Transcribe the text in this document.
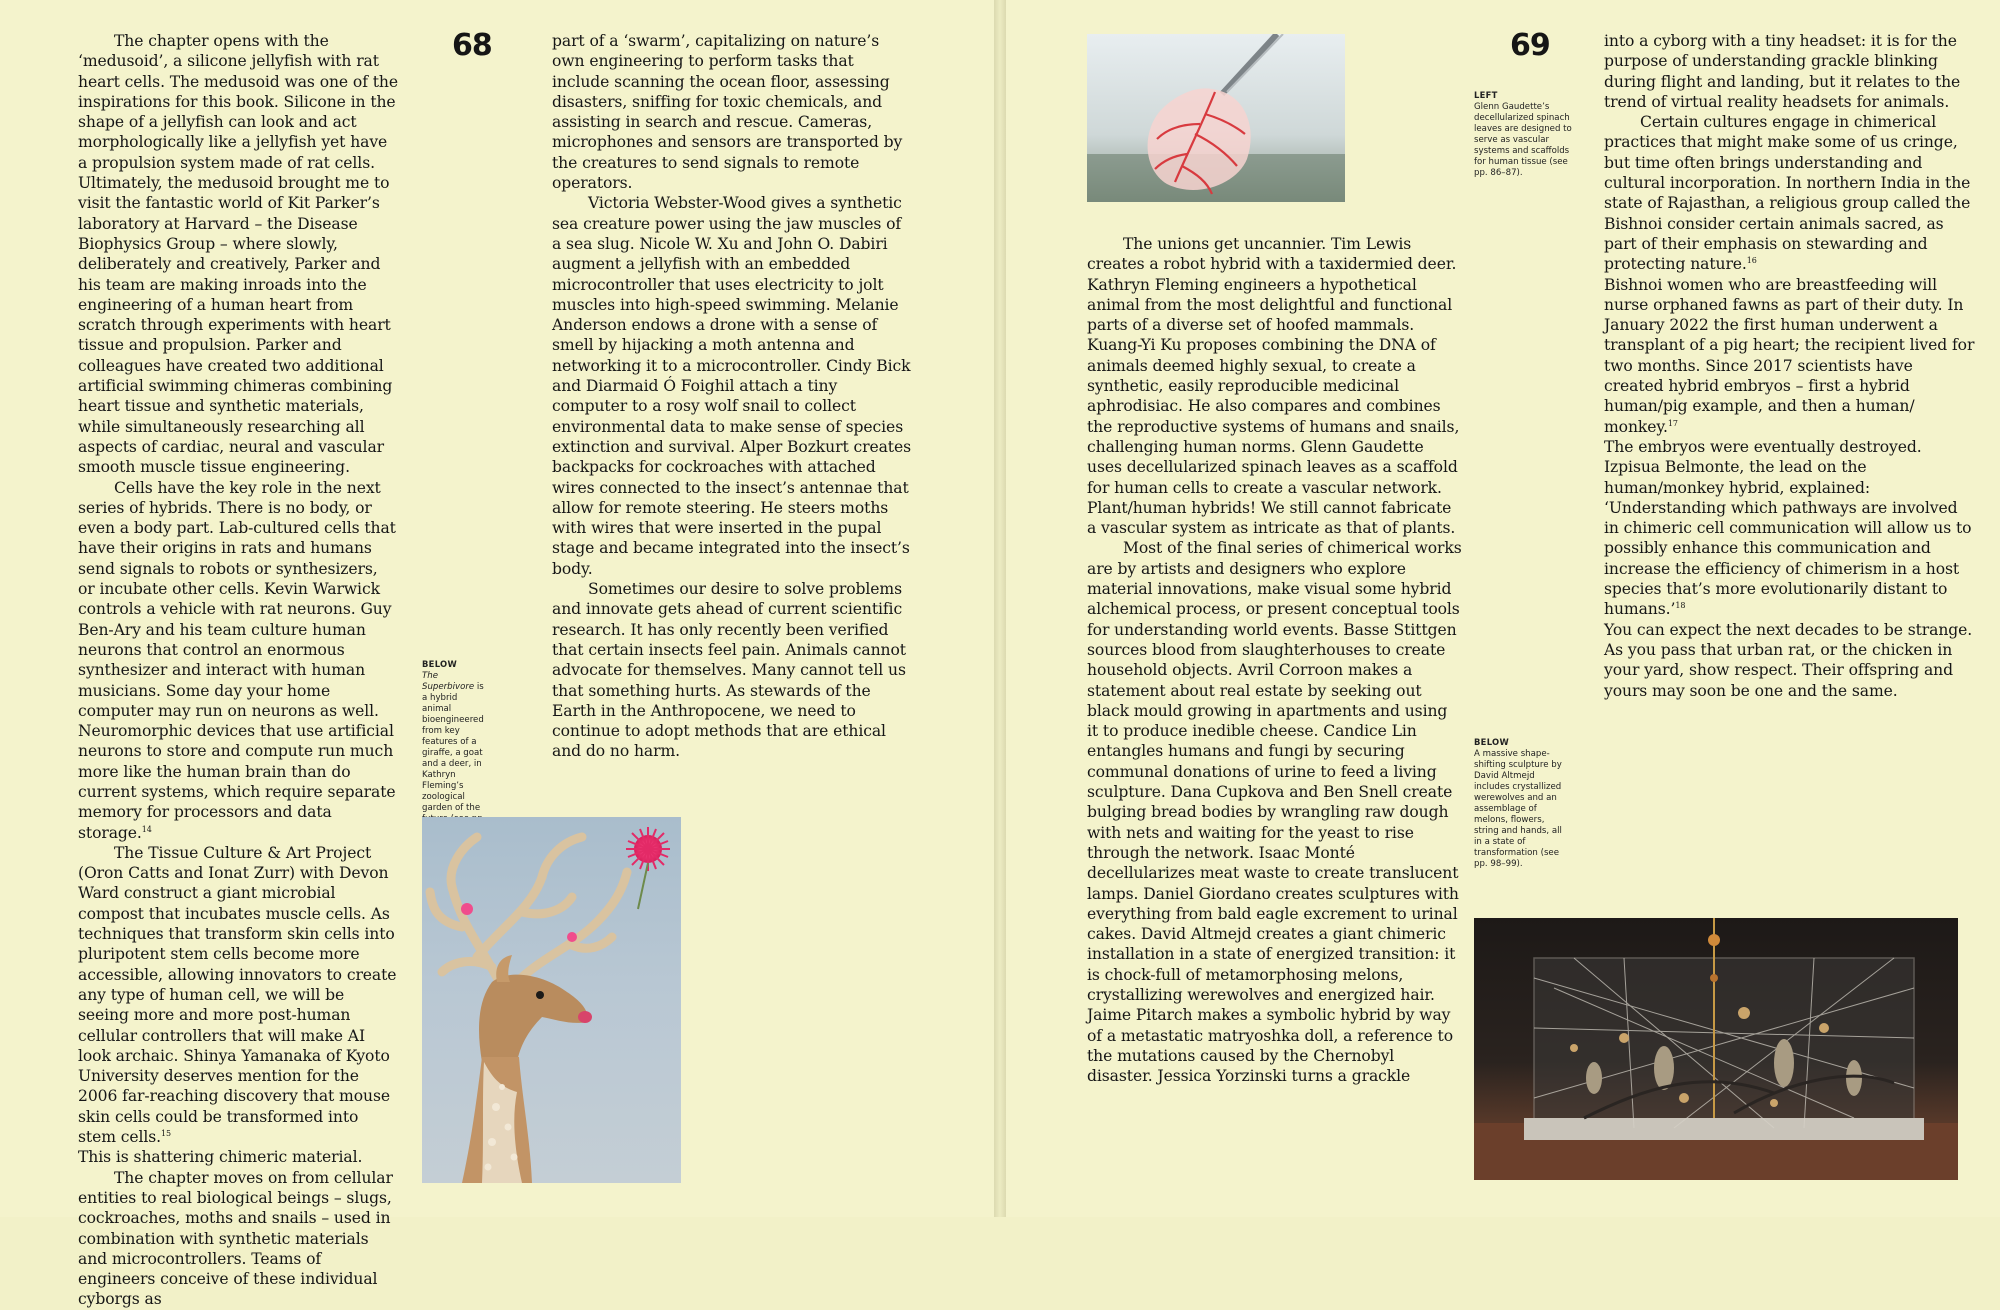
The chapter opens with the ‘medusoid’, a silicone jellyfish with rat heart cells. The medusoid was one of the inspirations for this book. Silicone in the shape of a jellyfish can look and act morphologically like a jellyfish yet have a propulsion system made of rat cells. Ultimately, the medusoid brought me to visit the fantastic world of Kit Parker’s laboratory at Harvard – the Disease Biophysics Group – where slowly, deliberately and creatively, Parker and his team are making inroads into the engineering of a human heart from scratch through experiments with heart tissue and propulsion. Parker and colleagues have created two additional artificial swimming chimeras combining heart tissue and synthetic materials, while simultaneously researching all aspects of cardiac, neural and vascular smooth muscle tissue engineering.

Cells have the key role in the next series of hybrids. There is no body, or even a body part. Lab-cultured cells that have their origins in rats and humans send signals to robots or synthesizers, or incubate other cells. Kevin Warwick controls a vehicle with rat neurons. Guy Ben-Ary and his team culture human neurons that control an enormous synthesizer and interact with human musicians. Some day your home computer may run on neurons as well. Neuromorphic devices that use artificial neurons to store and compute run much more like the human brain than do current systems, which require separate memory for processors and data storage.$^{14}$

The Tissue Culture & Art Project (Oron Catts and Ionat Zurr) with Devon Ward construct a giant microbial compost that incubates muscle cells. As techniques that transform skin cells into pluripotent stem cells become more accessible, allowing innovators to create any type of human cell, we will be seeing more and more post-human cellular controllers that will make AI look archaic. Shinya Yamanaka of Kyoto University deserves mention for the 2006 far-reaching discovery that mouse skin cells could be transformed into stem cells.$^{15}$

This is shattering chimeric material.

The chapter moves on from cellular entities to real biological beings – slugs, cockroaches, moths and snails – used in combination with synthetic materials and microcontrollers. Teams of engineers conceive of these individual cyborgs as

68	part of a ‘swarm’, capitalizing on nature’s own engineering to perform tasks that include scanning the ocean floor, assessing disasters, sniffing for toxic chemicals, and assisting in search and rescue. Cameras, microphones and sensors are transported by the creatures to send signals to remote operators.

Victoria Webster-Wood gives a synthetic sea creature power using the jaw muscles of a sea slug. Nicole W. Xu and John O. Dabiri augment a jellyfish with an embedded microcontroller that uses electricity to jolt muscles into high-speed swimming. Melanie Anderson endows a drone with a sense of smell by hijacking a moth antenna and networking it to a microcontroller. Cindy Bick and Diarmaid Ó Foighil attach a tiny computer to a rosy wolf snail to collect environmental data to make sense of species extinction and survival. Alper Bozkurt creates backpacks for cockroaches with attached wires connected to the insect’s antennae that allow for remote steering. He steers moths with wires that were inserted in the pupal stage and became integrated into the insect’s body.

Sometimes our desire to solve problems and innovate gets ahead of current scientific research. It has only recently been verified that certain insects feel pain. Animals cannot advocate for themselves. Many cannot tell us that something hurts. As stewards of the Earth in the Anthropocene, we need to continue to adopt methods that are ethical and do no harm.

BELOW
The Superbivore is a hybrid animal bioengineered from key features of a giraffe, a goat and a deer, in Kathryn Fleming’s zoological garden of the
69
LEFT
Glenn Gaudette’s decellularized spinach leaves are designed to serve as vascular systems and scaffolds for human tissue (see pp. 86–87).

The unions get uncannier. Tim Lewis creates a robot hybrid with a taxidermied deer. Kathryn Fleming engineers a hypothetical animal from the most delightful and functional parts of a diverse set of hoofed mammals. Kuang-Yi Ku proposes combining the DNA of animals deemed highly sexual, to create a synthetic, easily reproducible medicinal aphrodisiac. He also compares and combines the reproductive systems of humans and snails, challenging human norms. Glenn Gaudette uses decellularized spinach leaves as a scaffold for human cells to create a vascular network. Plant/human hybrids! We still cannot fabricate a vascular system as intricate as that of plants.

Most of the final series of chimerical works are by artists and designers who explore material innovations, make visual some hybrid alchemical process, or present conceptual tools for understanding world events. Basse Stittgen sources blood from slaughterhouses to create household objects. Avril Corroon makes a statement about real estate by seeking out black mould growing in apartments and using it to produce inedible cheese. Candice Lin entangles humans and fungi by securing communal donations of urine to feed a living sculpture. Dana Cupkova and Ben Snell create bulging bread bodies by wrangling raw dough with nets and waiting for the yeast to rise through the network. Isaac Monté decellularizes meat waste to create translucent lamps. Daniel Giordano creates sculptures with everything from bald eagle excrement to urinal cakes. David Altmejd creates a giant chimeric installation in a state of energized transition: it is chock-full of metamorphosing melons, crystallizing werewolves and energized hair. Jaime Pitarch makes a symbolic hybrid by way of a metastatic matryoshka doll, a reference to the mutations caused by the Chernobyl disaster. Jessica Yorzinski turns a grackle

into a cyborg with a tiny headset: it is for the purpose of understanding grackle blinking during flight and landing, but it relates to the trend of virtual reality headsets for animals.

Certain cultures engage in chimerical practices that might make some of us cringe, but time often brings understanding and cultural incorporation. In northern India in the state of Rajasthan, a religious group called the Bishnoi consider certain animals sacred, as part of their emphasis on stewarding and protecting nature.$^{16}$

Bishnoi women who are breastfeeding will nurse orphaned fawns as part of their duty. In January 2022 the first human underwent a transplant of a pig heart; the recipient lived for two months. Since 2017 scientists have created hybrid embryos – first a hybrid human/pig example, and then a human/ monkey.$^{17}$

The embryos were eventually destroyed. Izpisua Belmonte, the lead on the human/monkey hybrid, explained: ‘Understanding which pathways are involved in chimeric cell communication will allow us to possibly enhance this communication and increase the efficiency of chimerism in a host species that’s more evolutionarily distant to humans.’$^{18}$

You can expect the next decades to be strange. As you pass that urban rat, or the chicken in your yard, show respect. Their offspring and yours may soon be one and the same.

BELOW
A massive shape-shifting sculpture by David Altmejd includes crystallized werewolves and an assemblage of melons, flowers, string and hands, all in a state of transformation (see pp. 98–99).
